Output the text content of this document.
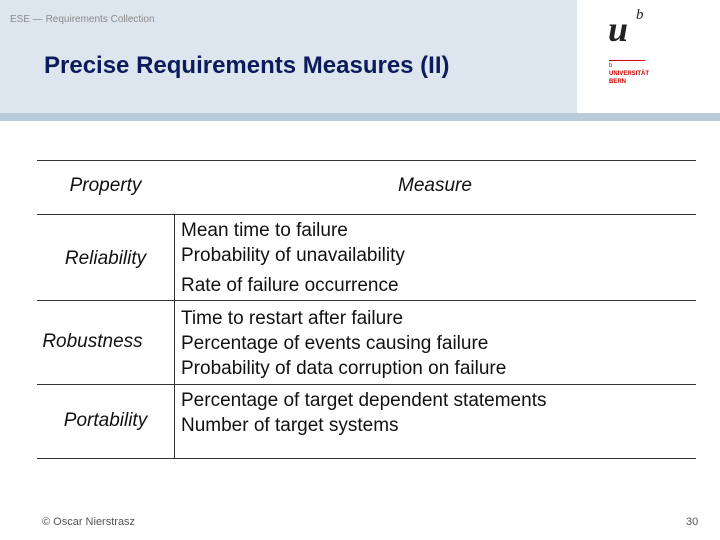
ESE — Requirements Collection
Precise Requirements Measures (II)
u b
b
UNIVERSITÄT
BERN
Property	Measure
Reliability
Mean time to failure
Probability of unavailability
Rate of failure occurrence
Robustness
Time to restart after failure
Percentage of events causing failure
Probability of data corruption on failure
Portability
Percentage of target dependent statements
Number of target systems
© Oscar Nierstrasz	30
